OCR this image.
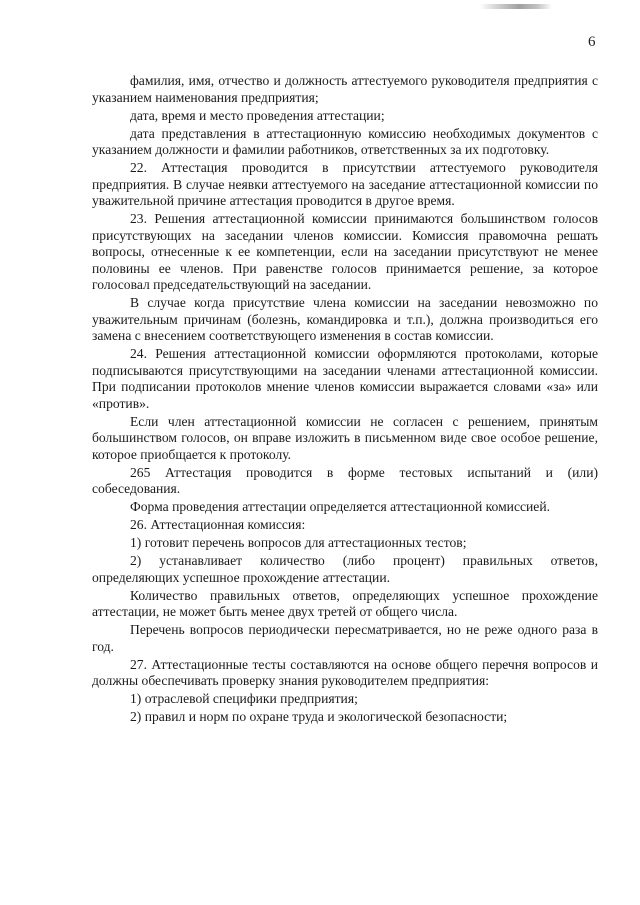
6

фамилия, имя, отчество и должность аттестуемого руководителя предприятия с указанием наименования предприятия;

дата, время и место проведения аттестации;

дата представления в аттестационную комиссию необходимых документов с указанием должности и фамилии работников, ответственных за их подготовку.

22. Аттестация проводится в присутствии аттестуемого руководителя предприятия. В случае неявки аттестуемого на заседание аттестационной комиссии по уважительной причине аттестация проводится в другое время.

23. Решения аттестационной комиссии принимаются большинством голосов присутствующих на заседании членов комиссии. Комиссия правомочна решать вопросы, отнесенные к ее компетенции, если на заседании присутствуют не менее половины ее членов. При равенстве голосов принимается решение, за которое голосовал председательствующий на заседании.

В случае когда присутствие члена комиссии на заседании невозможно по уважительным причинам (болезнь, командировка и т.п.), должна производиться его замена с внесением соответствующего изменения в состав комиссии.

24. Решения аттестационной комиссии оформляются протоколами, которые подписываются присутствующими на заседании членами аттестационной комиссии. При подписании протоколов мнение членов комиссии выражается словами «за» или «против».

Если член аттестационной комиссии не согласен с решением, принятым большинством голосов, он вправе изложить в письменном виде свое особое решение, которое приобщается к протоколу.

265 Аттестация проводится в форме тестовых испытаний и (или) собеседования.

Форма проведения аттестации определяется аттестационной комиссией.

26. Аттестационная комиссия:

1) готовит перечень вопросов для аттестационных тестов;

2) устанавливает количество (либо процент) правильных ответов, определяющих успешное прохождение аттестации.

Количество правильных ответов, определяющих успешное прохождение аттестации, не может быть менее двух третей от общего числа.

Перечень вопросов периодически пересматривается, но не реже одного раза в год.

27. Аттестационные тесты составляются на основе общего перечня вопросов и должны обеспечивать проверку знания руководителем предприятия:

1) отраслевой специфики предприятия;

2) правил и норм по охране труда и экологической безопасности;
